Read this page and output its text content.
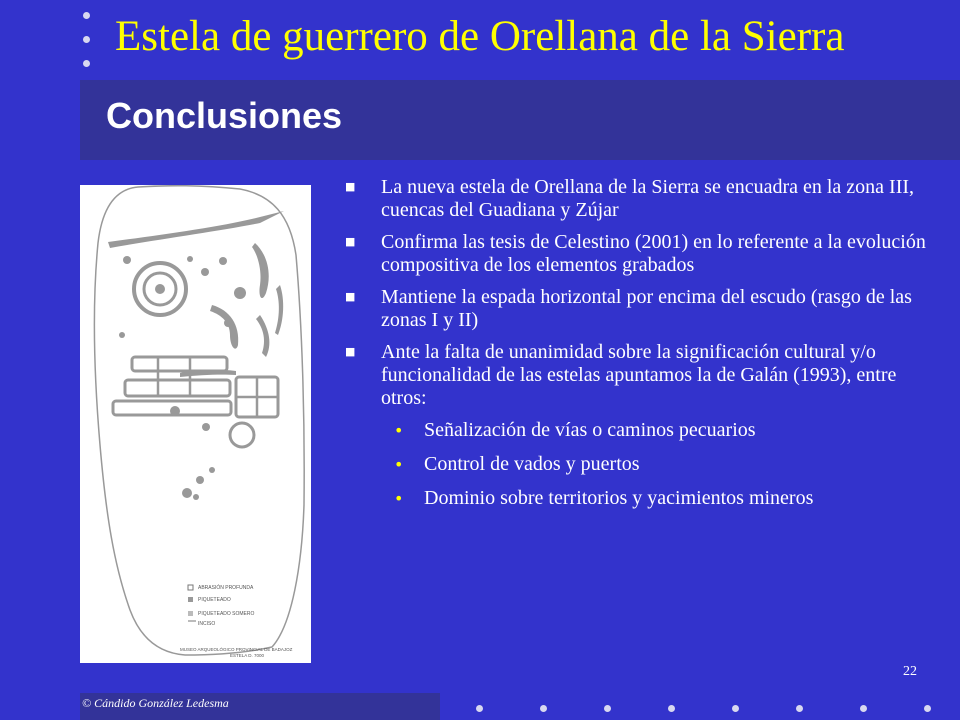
Estela de guerrero de Orellana de la Sierra
Conclusiones
ABRASIÓN PROFUNDA
PIQUETEADO
PIQUETEADO SOMERO
INCISO
MUSEO ARQUEOLÓGICO PROVINCIAL DE BADAJOZ
ESTELA D. 7000
■ La nueva estela de Orellana de la Sierra se encuadra en la zona III, cuencas del Guadiana y Zújar
■ Confirma las tesis de Celestino (2001) en lo referente a la evolución compositiva de los elementos grabados
■ Mantiene la espada horizontal por encima del escudo (rasgo de las zonas I y II)
■ Ante la falta de unanimidad sobre la significación cultural y/o funcionalidad de las estelas apuntamos la de Galán (1993), entre otros:
• Señalización de vías o caminos pecuarios
• Control de vados y puertos
• Dominio sobre territorios y yacimientos mineros
22
© Cándido González Ledesma
